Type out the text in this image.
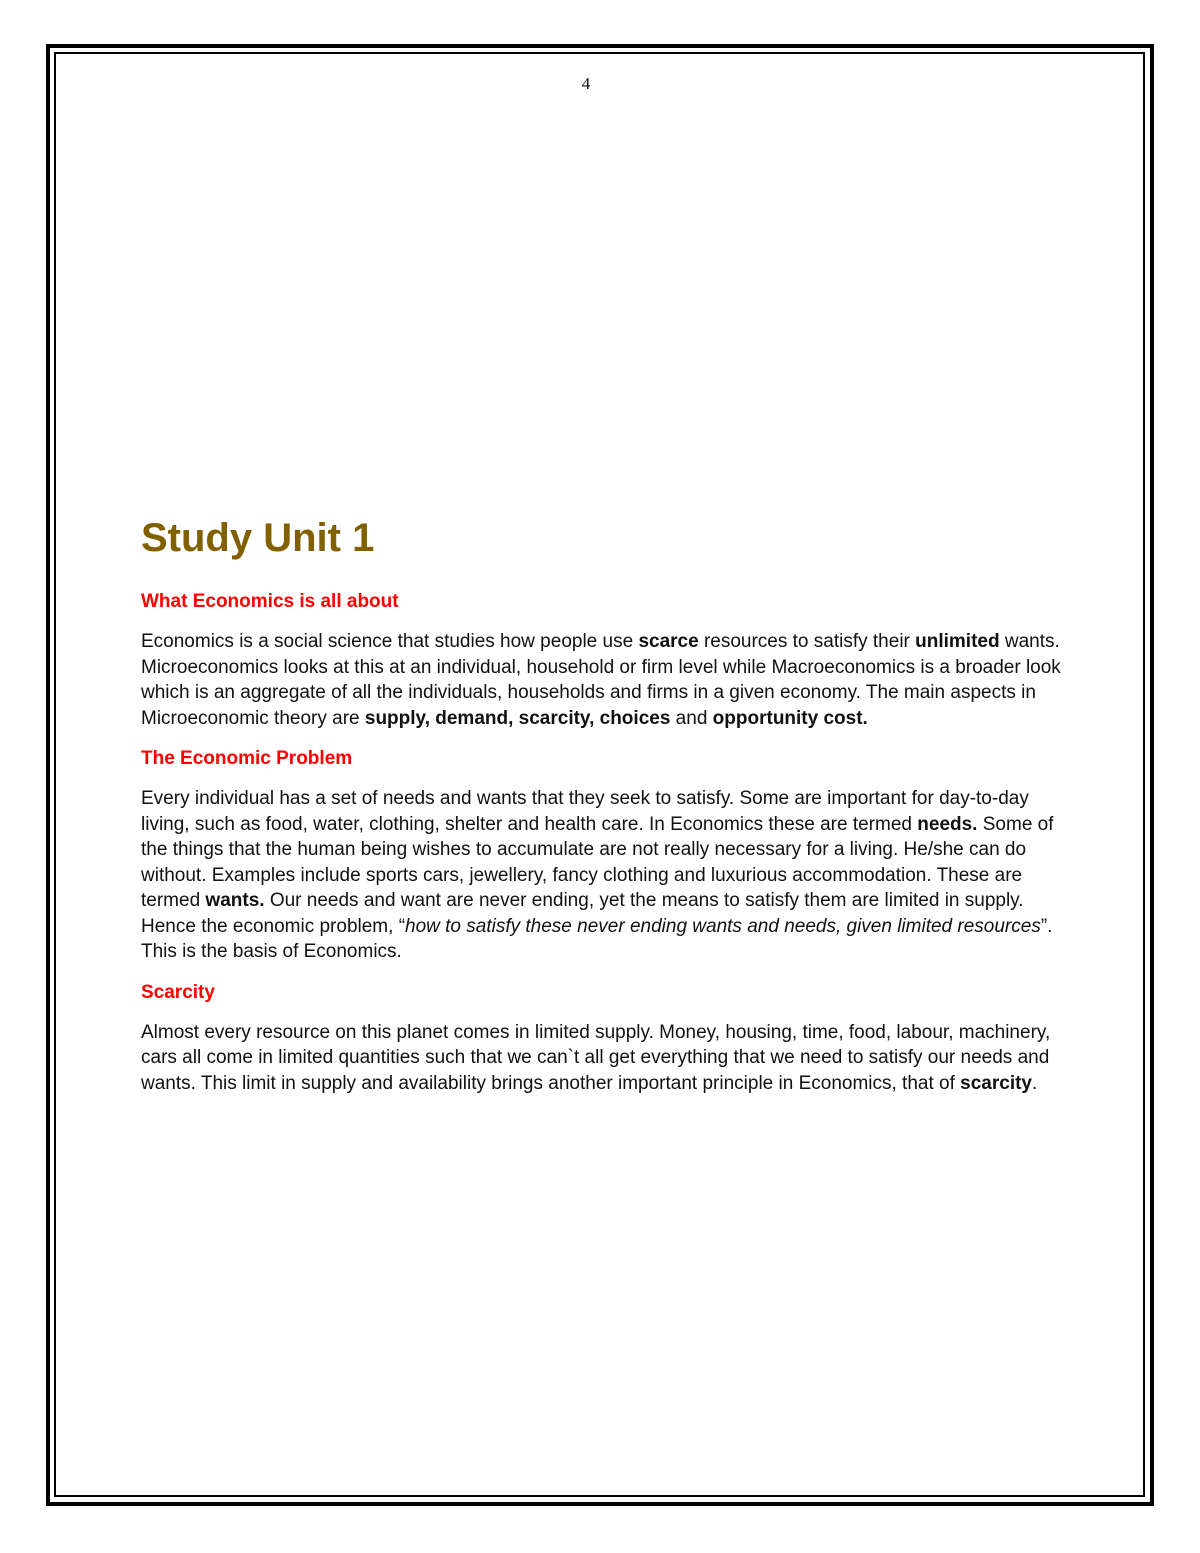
4
Study Unit 1
What Economics is all about

Economics is a social science that studies how people use scarce resources to satisfy their unlimited wants. Microeconomics looks at this at an individual, household or firm level while Macroeconomics is a broader look which is an aggregate of all the individuals, households and firms in a given economy. The main aspects in Microeconomic theory are supply, demand, scarcity, choices and opportunity cost.

The Economic Problem

Every individual has a set of needs and wants that they seek to satisfy. Some are important for day-to-day living, such as food, water, clothing, shelter and health care. In Economics these are termed needs. Some of the things that the human being wishes to accumulate are not really necessary for a living. He/she can do without. Examples include sports cars, jewellery, fancy clothing and luxurious accommodation. These are termed wants. Our needs and want are never ending, yet the means to satisfy them are limited in supply. Hence the economic problem, “how to satisfy these never ending wants and needs, given limited resources”. This is the basis of Economics.

Scarcity

Almost every resource on this planet comes in limited supply. Money, housing, time, food, labour, machinery, cars all come in limited quantities such that we can`t all get everything that we need to satisfy our needs and wants. This limit in supply and availability brings another important principle in Economics, that of scarcity.
